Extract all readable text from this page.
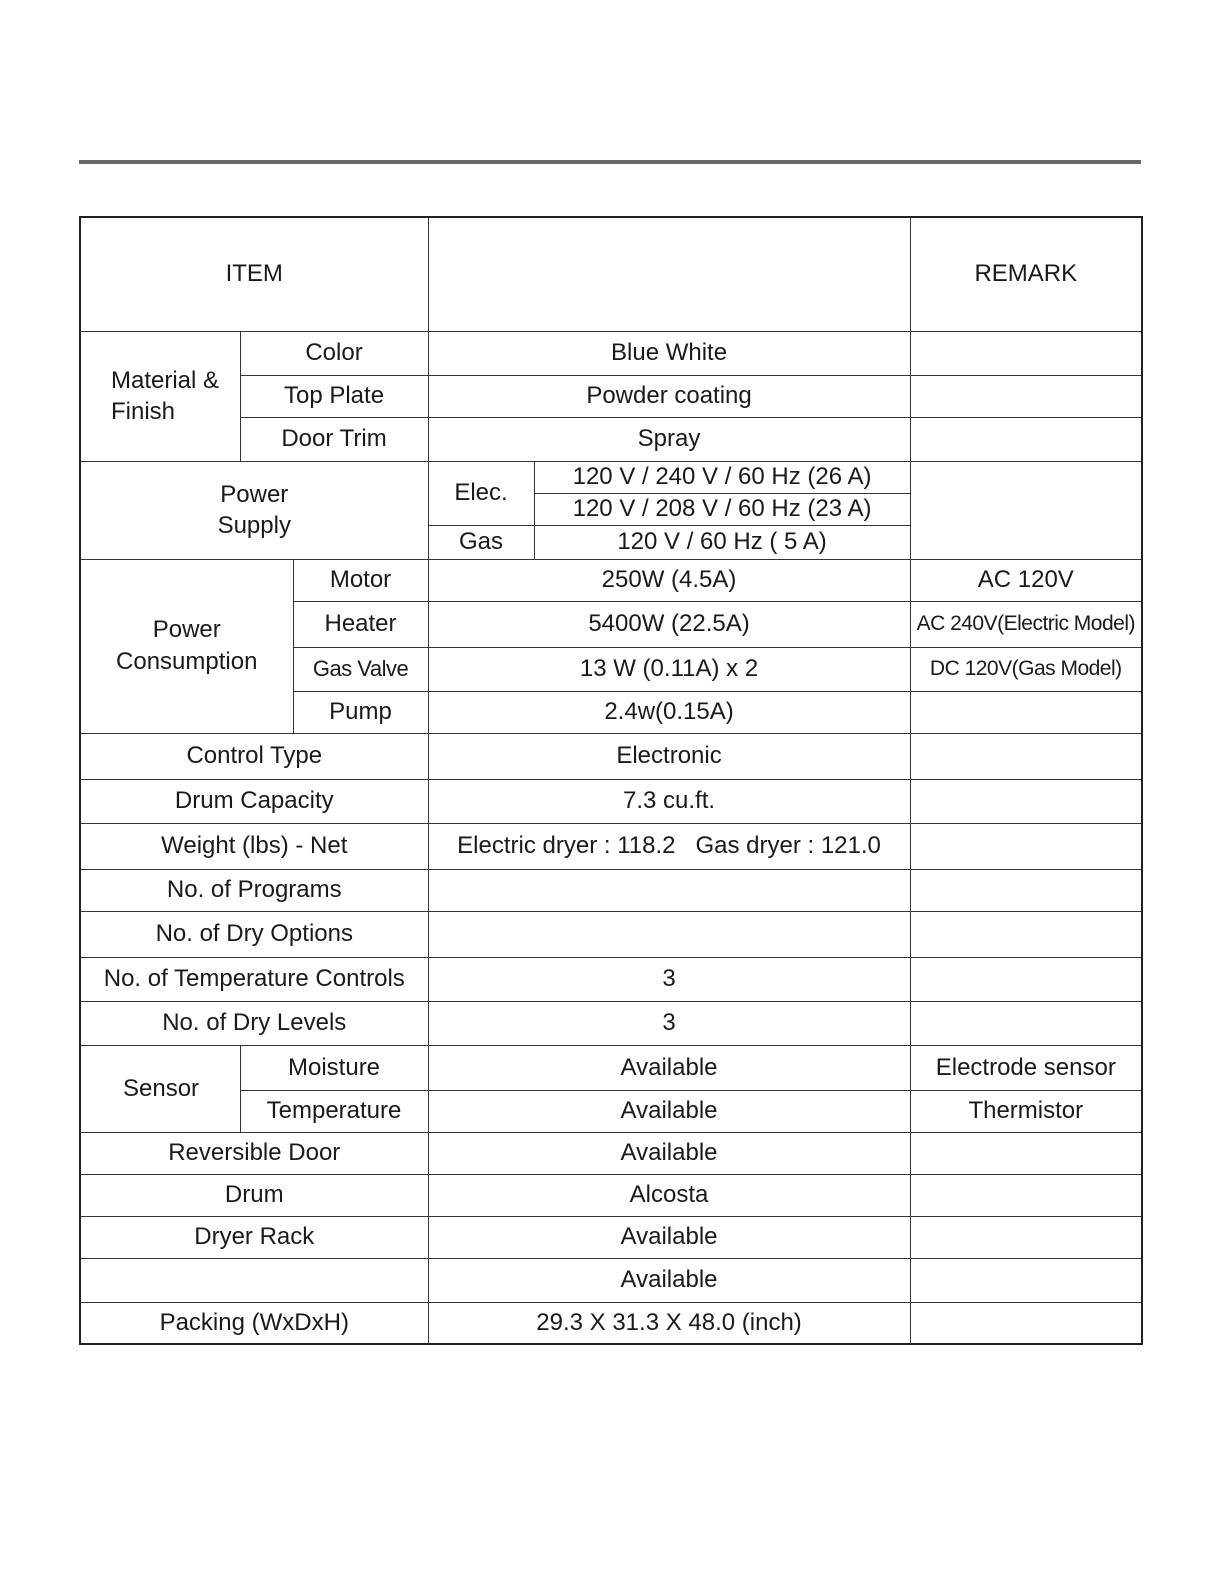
ITEM					REMARK
Material &
Finish	Color		Blue White		
	Top Plate		Powder coating		
	Door Trim		Spray		
Power
Supply			Elec.	120 V / 240 V / 60 Hz (26 A)	
				120 V / 208 V / 60 Hz (23 A)	
			Gas	120 V / 60 Hz ( 5 A)	
Power
Consumption		Motor	250W (4.5A)		AC 120V
		Heater	5400W (22.5A)		AC 240V(Electric Model)
		Gas Valve	13 W (0.11A) x 2		DC 120V(Gas Model)
		Pump	2.4w(0.15A)		
Control Type			Electronic		
Drum Capacity			7.3 cu.ft.		
Weight (lbs) - Net			Electric dryer : 118.2   Gas dryer : 121.0		
No. of Programs					
No. of Dry Options					
No. of Temperature Controls			3		
No. of Dry Levels			3		
Sensor	Moisture		Available		Electrode sensor
	Temperature		Available		Thermistor
Reversible Door			Available		
Drum			Alcosta		
Dryer Rack			Available		
			Available		
Packing (WxDxH)			29.3 X 31.3 X 48.0 (inch)		
